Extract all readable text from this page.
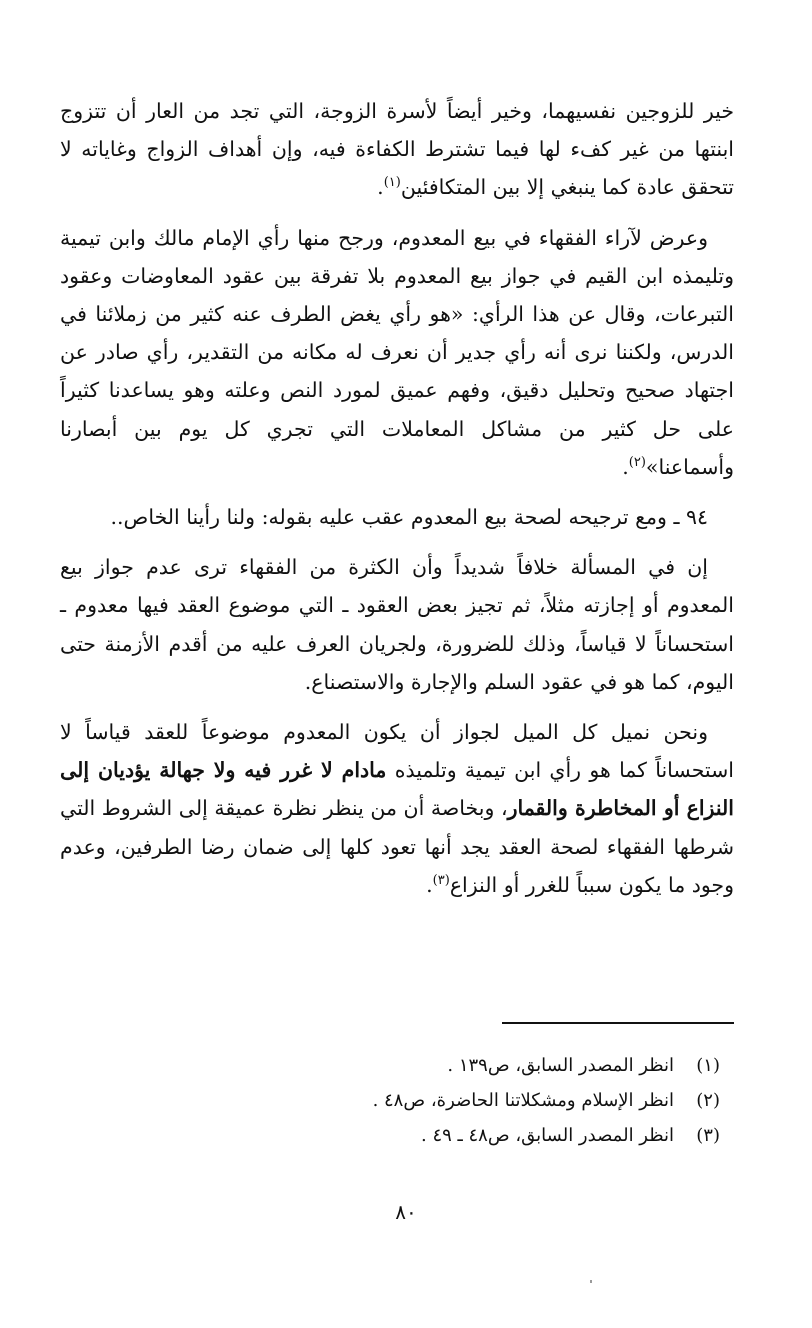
خير للزوجين نفسيهما، وخير أيضاً لأسرة الزوجة، التي تجد من العار أن تتزوج ابنتها من غير كفء لها فيما تشترط الكفاءة فيه، وإن أهداف الزواج وغاياته لا تتحقق عادة كما ينبغي إلا بين المتكافئين$^{(١)}$.

وعرض لآراء الفقهاء في بيع المعدوم، ورجح منها رأي الإمام مالك وابن تيمية وتليمذه ابن القيم في جواز بيع المعدوم بلا تفرقة بين عقود المعاوضات وعقود التبرعات، وقال عن هذا الرأي: «هو رأي يغض الطرف عنه كثير من زملائنا في الدرس، ولكننا نرى أنه رأي جدير أن نعرف له مكانه من التقدير، رأي صادر عن اجتهاد صحيح وتحليل دقيق، وفهم عميق لمورد النص وعلته وهو يساعدنا كثيراً على حل كثير من مشاكل المعاملات التي تجري كل يوم بين أبصارنا وأسماعنا»$^{(٢)}$.

٩٤ ـ ومع ترجيحه لصحة بيع المعدوم عقب عليه بقوله: ولنا رأينا الخاص..

إن في المسألة خلافاً شديداً وأن الكثرة من الفقهاء ترى عدم جواز بيع المعدوم أو إجازته مثلاً، ثم تجيز بعض العقود ـ التي موضوع العقد فيها معدوم ـ استحساناً لا قياساً، وذلك للضرورة، ولجريان العرف عليه من أقدم الأزمنة حتى اليوم، كما هو في عقود السلم والإجارة والاستصناع.

ونحن نميل كل الميل لجواز أن يكون المعدوم موضوعاً للعقد قياساً لا استحساناً كما هو رأي ابن تيمية وتلميذه مادام لا غرر فيه ولا جهالة يؤديان إلى النزاع أو المخاطرة والقمار، وبخاصة أن من ينظر نظرة عميقة إلى الشروط التي شرطها الفقهاء لصحة العقد يجد أنها تعود كلها إلى ضمان رضا الطرفين، وعدم وجود ما يكون سبباً للغرر أو النزاع$^{(٣)}$.

(١)
انظر المصدر السابق، ص١٣٩ .
(٢)
انظر الإسلام ومشكلاتنا الحاضرة، ص٤٨ .
(٣)
انظر المصدر السابق، ص٤٨ ـ ٤٩ .
٨٠
